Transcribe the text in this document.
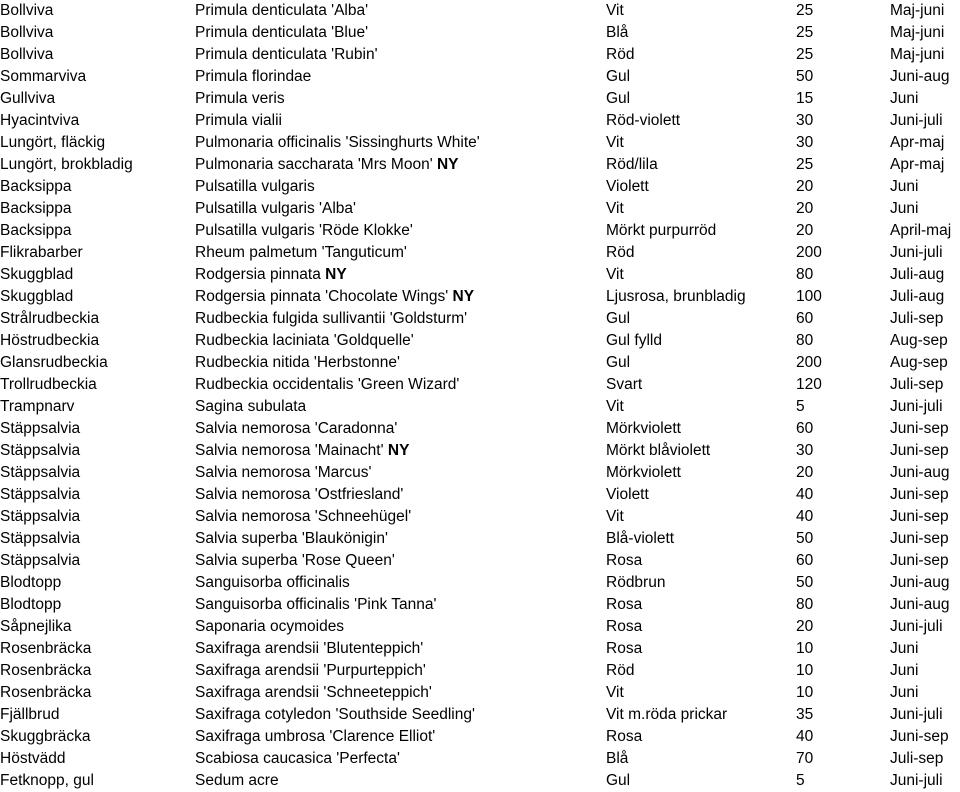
Bollviva	Primula denticulata 'Alba'	Vit	25	Maj-juni
Bollviva	Primula denticulata 'Blue'	Blå	25	Maj-juni
Bollviva	Primula denticulata 'Rubin'	Röd	25	Maj-juni
Sommarviva	Primula florindae	Gul	50	Juni-aug
Gullviva	Primula veris	Gul	15	Juni
Hyacintviva	Primula vialii	Röd-violett	30	Juni-juli
Lungört, fläckig	Pulmonaria officinalis 'Sissinghurts White'	Vit	30	Apr-maj
Lungört, brokbladig	Pulmonaria saccharata 'Mrs Moon' NY	Röd/lila	25	Apr-maj
Backsippa	Pulsatilla vulgaris	Violett	20	Juni
Backsippa	Pulsatilla vulgaris 'Alba'	Vit	20	Juni
Backsippa	Pulsatilla vulgaris 'Röde Klokke'	Mörkt purpurröd	20	April-maj
Flikrabarber	Rheum palmetum 'Tanguticum'	Röd	200	Juni-juli
Skuggblad	Rodgersia pinnata NY	Vit	80	Juli-aug
Skuggblad	Rodgersia pinnata 'Chocolate Wings' NY	Ljusrosa, brunbladig	100	Juli-aug
Strålrudbeckia	Rudbeckia fulgida sullivantii 'Goldsturm'	Gul	60	Juli-sep
Höstrudbeckia	Rudbeckia laciniata 'Goldquelle'	Gul fylld	80	Aug-sep
Glansrudbeckia	Rudbeckia nitida 'Herbstonne'	Gul	200	Aug-sep
Trollrudbeckia	Rudbeckia occidentalis 'Green Wizard'	Svart	120	Juli-sep
Trampnarv	Sagina subulata	Vit	5	Juni-juli
Stäppsalvia	Salvia nemorosa 'Caradonna'	Mörkviolett	60	Juni-sep
Stäppsalvia	Salvia nemorosa 'Mainacht' NY	Mörkt blåviolett	30	Juni-sep
Stäppsalvia	Salvia nemorosa 'Marcus'	Mörkviolett	20	Juni-aug
Stäppsalvia	Salvia nemorosa 'Ostfriesland'	Violett	40	Juni-sep
Stäppsalvia	Salvia nemorosa 'Schneehügel'	Vit	40	Juni-sep
Stäppsalvia	Salvia superba 'Blaukönigin'	Blå-violett	50	Juni-sep
Stäppsalvia	Salvia superba 'Rose Queen'	Rosa	60	Juni-sep
Blodtopp	Sanguisorba officinalis	Rödbrun	50	Juni-aug
Blodtopp	Sanguisorba officinalis 'Pink Tanna'	Rosa	80	Juni-aug
Såpnejlika	Saponaria ocymoides	Rosa	20	Juni-juli
Rosenbräcka	Saxifraga arendsii 'Blutenteppich'	Rosa	10	Juni
Rosenbräcka	Saxifraga arendsii 'Purpurteppich'	Röd	10	Juni
Rosenbräcka	Saxifraga arendsii 'Schneeteppich'	Vit	10	Juni
Fjällbrud	Saxifraga cotyledon 'Southside Seedling'	Vit m.röda prickar	35	Juni-juli
Skuggbräcka	Saxifraga umbrosa 'Clarence Elliot'	Rosa	40	Juni-sep
Höstvädd	Scabiosa caucasica 'Perfecta'	Blå	70	Juli-sep
Fetknopp, gul	Sedum acre	Gul	5	Juni-juli
